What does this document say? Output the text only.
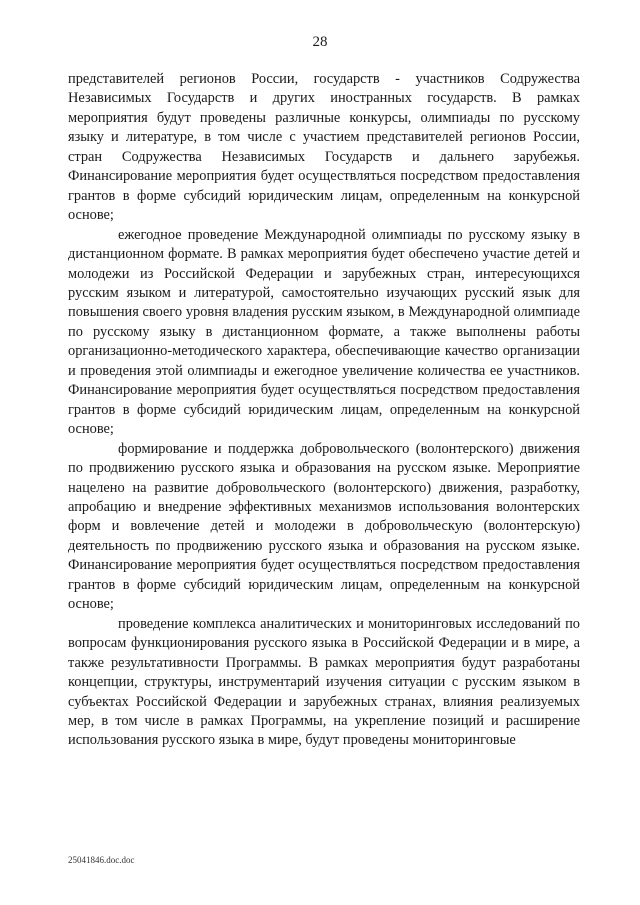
28

представителей регионов России, государств - участников Содружества Независимых Государств и других иностранных государств. В рамках мероприятия будут проведены различные конкурсы, олимпиады по русскому языку и литературе, в том числе с участием представителей регионов России, стран Содружества Независимых Государств и дальнего зарубежья. Финансирование мероприятия будет осуществляться посредством предоставления грантов в форме субсидий юридическим лицам, определенным на конкурсной основе;

ежегодное проведение Международной олимпиады по русскому языку в дистанционном формате. В рамках мероприятия будет обеспечено участие детей и молодежи из Российской Федерации и зарубежных стран, интересующихся русским языком и литературой, самостоятельно изучающих русский язык для повышения своего уровня владения русским языком, в Международной олимпиаде по русскому языку в дистанционном формате, а также выполнены работы организационно-методического характера, обеспечивающие качество организации и проведения этой олимпиады и ежегодное увеличение количества ее участников. Финансирование мероприятия будет осуществляться посредством предоставления грантов в форме субсидий юридическим лицам, определенным на конкурсной основе;

формирование и поддержка добровольческого (волонтерского) движения по продвижению русского языка и образования на русском языке. Мероприятие нацелено на развитие добровольческого (волонтерского) движения, разработку, апробацию и внедрение эффективных механизмов использования волонтерских форм и вовлечение детей и молодежи в добровольческую (волонтерскую) деятельность по продвижению русского языка и образования на русском языке. Финансирование мероприятия будет осуществляться посредством предоставления грантов в форме субсидий юридическим лицам, определенным на конкурсной основе;

проведение комплекса аналитических и мониторинговых исследований по вопросам функционирования русского языка в Российской Федерации и в мире, а также результативности Программы. В рамках мероприятия будут разработаны концепции, структуры, инструментарий изучения ситуации с русским языком в субъектах Российской Федерации и зарубежных странах, влияния реализуемых мер, в том числе в рамках Программы, на укрепление позиций и расширение использования русского языка в мире, будут проведены мониторинговые

25041846.doc.doc
